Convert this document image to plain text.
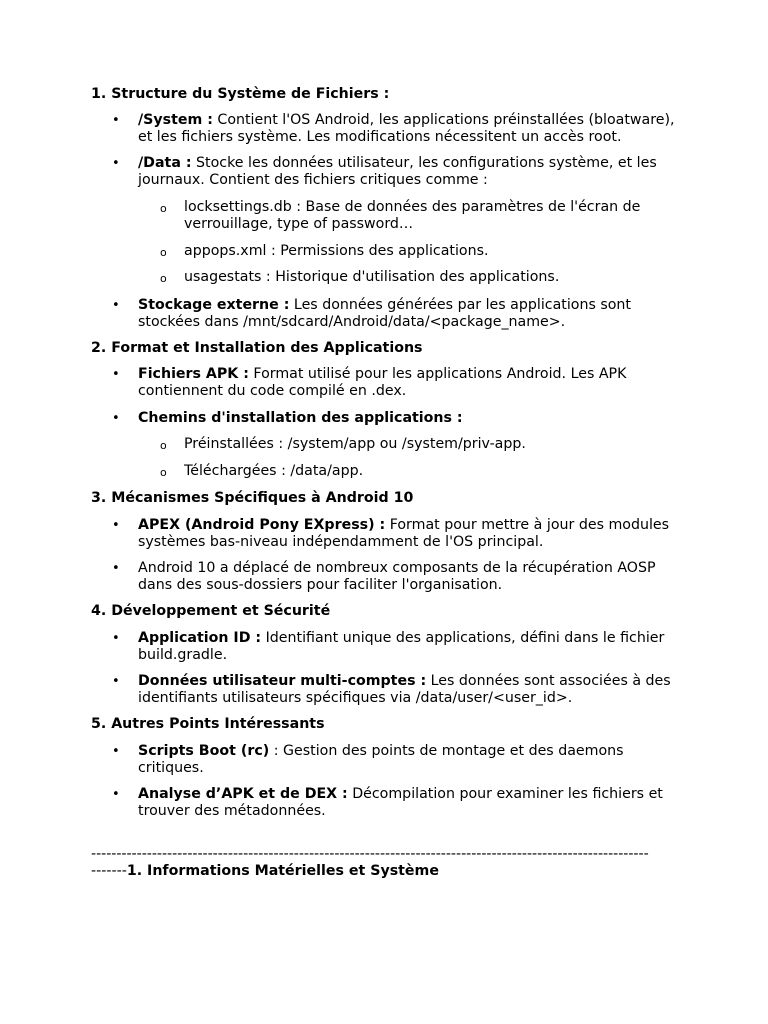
1. Structure du Système de Fichiers :
• /System : Contient l'OS Android, les applications préinstallées (bloatware), et les fichiers système. Les modifications nécessitent un accès root.
• /Data : Stocke les données utilisateur, les configurations système, et les journaux. Contient des fichiers critiques comme :
o locksettings.db : Base de données des paramètres de l'écran de verrouillage, type of password…
o appops.xml : Permissions des applications.
o usagestats : Historique d'utilisation des applications.
• Stockage externe : Les données générées par les applications sont stockées dans /mnt/sdcard/Android/data/<package_name>.
2. Format et Installation des Applications
• Fichiers APK : Format utilisé pour les applications Android. Les APK contiennent du code compilé en .dex.
• Chemins d'installation des applications :
o Préinstallées : /system/app ou /system/priv-app.
o Téléchargées : /data/app.
3. Mécanismes Spécifiques à Android 10
• APEX (Android Pony EXpress) : Format pour mettre à jour des modules systèmes bas-niveau indépendamment de l'OS principal.
• Android 10 a déplacé de nombreux composants de la récupération AOSP dans des sous-dossiers pour faciliter l'organisation.
4. Développement et Sécurité
• Application ID : Identifiant unique des applications, défini dans le fichier build.gradle.
• Données utilisateur multi-comptes : Les données sont associées à des identifiants utilisateurs spécifiques via /data/user/<user_id>.
5. Autres Points Intéressants
• Scripts Boot (rc) : Gestion des points de montage et des daemons critiques.
• Analyse d’APK et de DEX : Décompilation pour examiner les fichiers et trouver des métadonnées.
--------------------------------------------------------------------------------------------------------------
-------1. Informations Matérielles et Système
